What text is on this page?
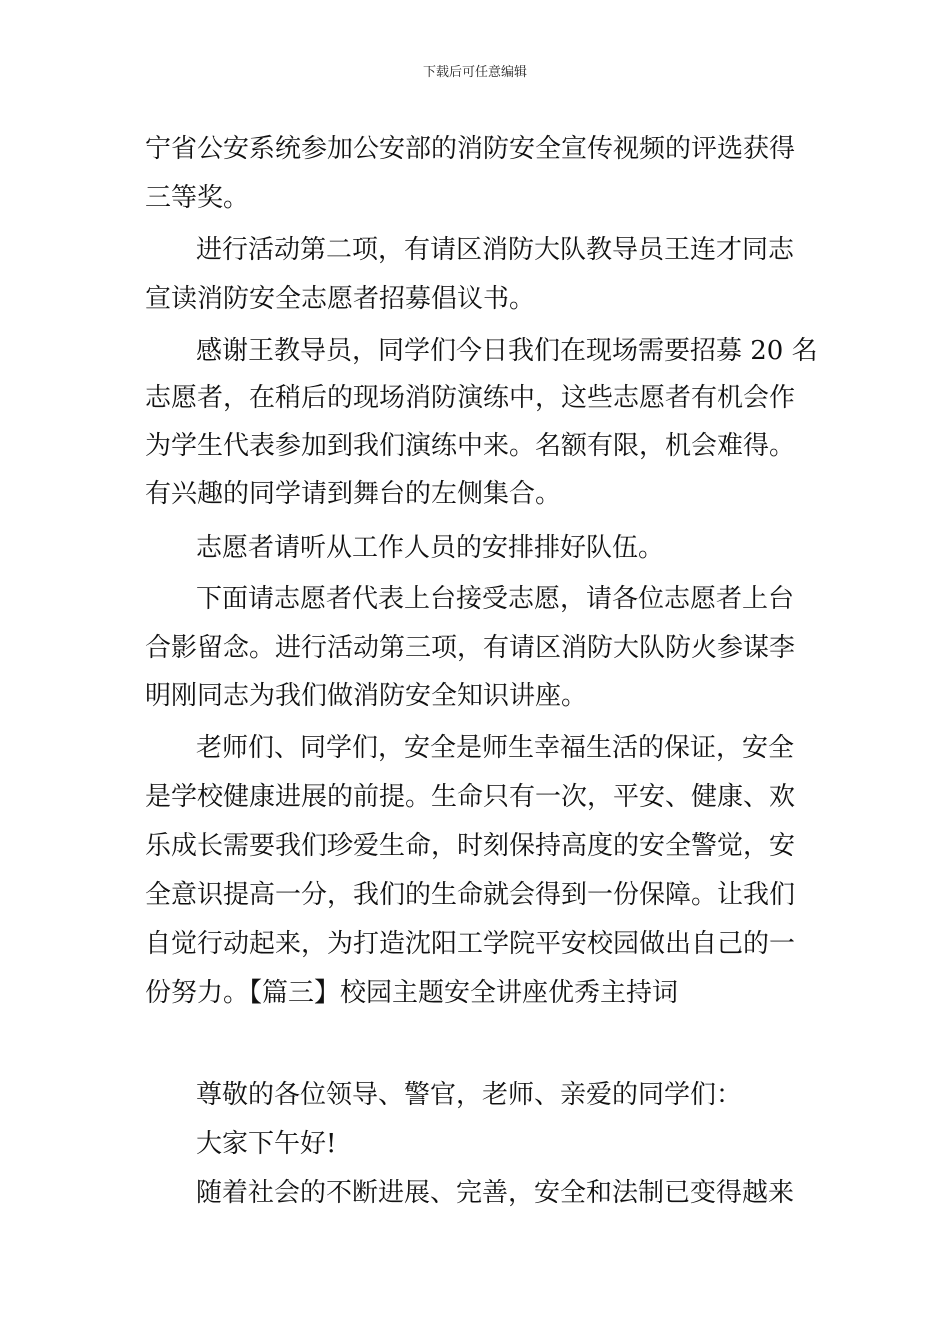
下载后可任意编辑
宁省公安系统参加公安部的消防安全宣传视频的评选获得
三等奖。
进行活动第二项，有请区消防大队教导员王连才同志
宣读消防安全志愿者招募倡议书。
感谢王教导员，同学们今日我们在现场需要招募 20 名
志愿者，在稍后的现场消防演练中，这些志愿者有机会作
为学生代表参加到我们演练中来。名额有限，机会难得。
有兴趣的同学请到舞台的左侧集合。
志愿者请听从工作人员的安排排好队伍。
下面请志愿者代表上台接受志愿，请各位志愿者上台
合影留念。进行活动第三项，有请区消防大队防火参谋李
明刚同志为我们做消防安全知识讲座。
老师们、同学们，安全是师生幸福生活的保证，安全
是学校健康进展的前提。生命只有一次，平安、健康、欢
乐成长需要我们珍爱生命，时刻保持高度的安全警觉，安
全意识提高一分，我们的生命就会得到一份保障。让我们
自觉行动起来，为打造沈阳工学院平安校园做出自己的一
份努力。【篇三】校园主题安全讲座优秀主持词
尊敬的各位领导、警官，老师、亲爱的同学们：
大家下午好!
随着社会的不断进展、完善，安全和法制已变得越来
